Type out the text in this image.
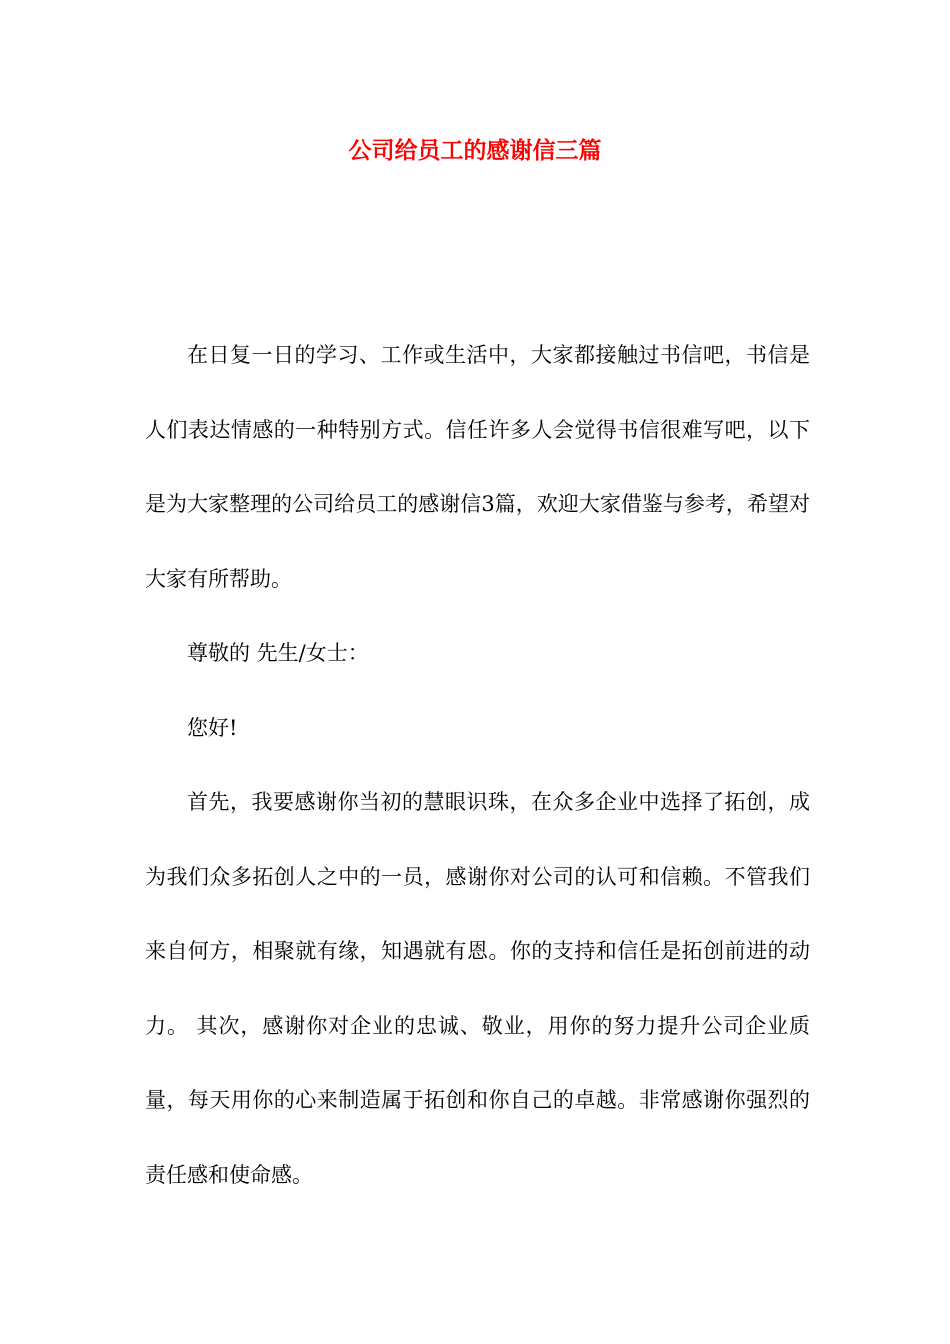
公司给员工的感谢信三篇

在日复一日的学习、工作或生活中，大家都接触过书信吧，书信是人们表达情感的一种特别方式。信任许多人会觉得书信很难写吧，以下是为大家整理的公司给员工的感谢信3篇，欢迎大家借鉴与参考，希望对大家有所帮助。

尊敬的 先生/女士：

您好!

首先，我要感谢你当初的慧眼识珠，在众多企业中选择了拓创，成为我们众多拓创人之中的一员，感谢你对公司的认可和信赖。不管我们来自何方，相聚就有缘，知遇就有恩。你的支持和信任是拓创前进的动力。 其次，感谢你对企业的忠诚、敬业，用你的努力提升公司企业质量，每天用你的心来制造属于拓创和你自己的卓越。非常感谢你强烈的责任感和使命感。
